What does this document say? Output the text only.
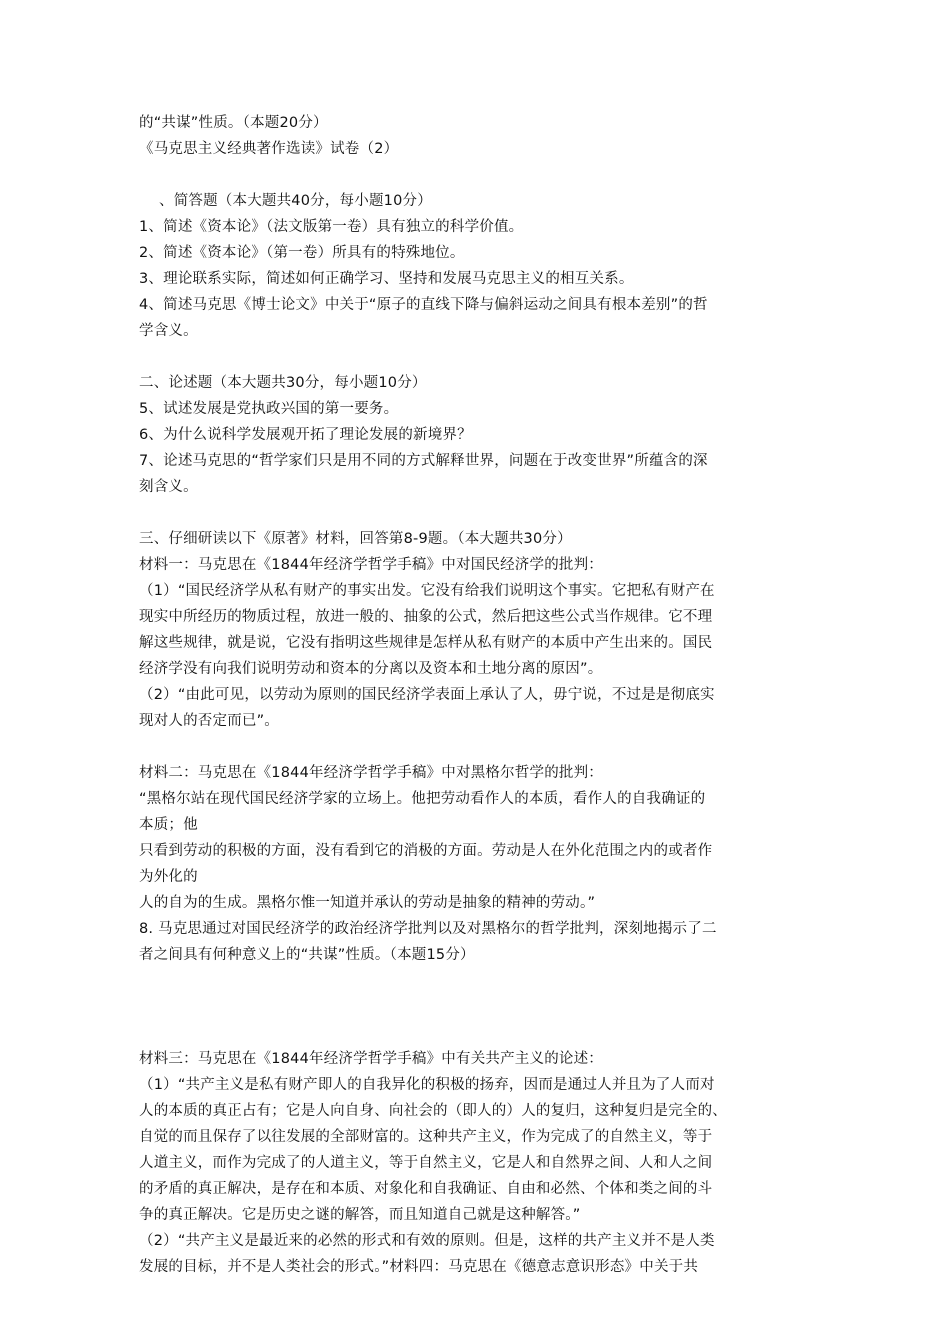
的“共谋”性质。（本题20分）
《马克思主义经典著作选读》试卷（2）
、简答题（本大题共40分，每小题10分）
1、简述《资本论》（法文版第一卷）具有独立的科学价值。
2、简述《资本论》（第一卷）所具有的特殊地位。
3、理论联系实际，简述如何正确学习、坚持和发展马克思主义的相互关系。
4、简述马克思《博士论文》中关于“原子的直线下降与偏斜运动之间具有根本差别”的哲
学含义。
二、论述题（本大题共30分，每小题10分）
5、试述发展是党执政兴国的第一要务。
6、为什么说科学发展观开拓了理论发展的新境界？
7、论述马克思的“哲学家们只是用不同的方式解释世界，问题在于改变世界”所蕴含的深
刻含义。
三、仔细研读以下《原著》材料，回答第8-9题。（本大题共30分）
材料一：马克思在《1844年经济学哲学手稿》中对国民经济学的批判：
（1）“国民经济学从私有财产的事实出发。它没有给我们说明这个事实。它把私有财产在
现实中所经历的物质过程，放进一般的、抽象的公式，然后把这些公式当作规律。它不理
解这些规律，就是说，它没有指明这些规律是怎样从私有财产的本质中产生出来的。国民
经济学没有向我们说明劳动和资本的分离以及资本和土地分离的原因”。
（2）“由此可见，以劳动为原则的国民经济学表面上承认了人，毋宁说，不过是是彻底实
现对人的否定而已”。
材料二：马克思在《1844年经济学哲学手稿》中对黑格尔哲学的批判：
“黑格尔站在现代国民经济学家的立场上。他把劳动看作人的本质，看作人的自我确证的
本质；他
只看到劳动的积极的方面，没有看到它的消极的方面。劳动是人在外化范围之内的或者作
为外化的
人的自为的生成。黑格尔惟一知道并承认的劳动是抽象的精神的劳动。”
8. 马克思通过对国民经济学的政治经济学批判以及对黑格尔的哲学批判，深刻地揭示了二
者之间具有何种意义上的“共谋”性质。（本题15分）
材料三：马克思在《1844年经济学哲学手稿》中有关共产主义的论述：
（1）“共产主义是私有财产即人的自我异化的积极的扬弃，因而是通过人并且为了人而对
人的本质的真正占有；它是人向自身、向社会的（即人的）人的复归，这种复归是完全的、
自觉的而且保存了以往发展的全部财富的。这种共产主义，作为完成了的自然主义，等于
人道主义，而作为完成了的人道主义，等于自然主义，它是人和自然界之间、人和人之间
的矛盾的真正解决，是存在和本质、对象化和自我确证、自由和必然、个体和类之间的斗
争的真正解决。它是历史之谜的解答，而且知道自己就是这种解答。”
（2）“共产主义是最近来的必然的形式和有效的原则。但是，这样的共产主义并不是人类
发展的目标，并不是人类社会的形式。”材料四：马克思在《德意志意识形态》中关于共
